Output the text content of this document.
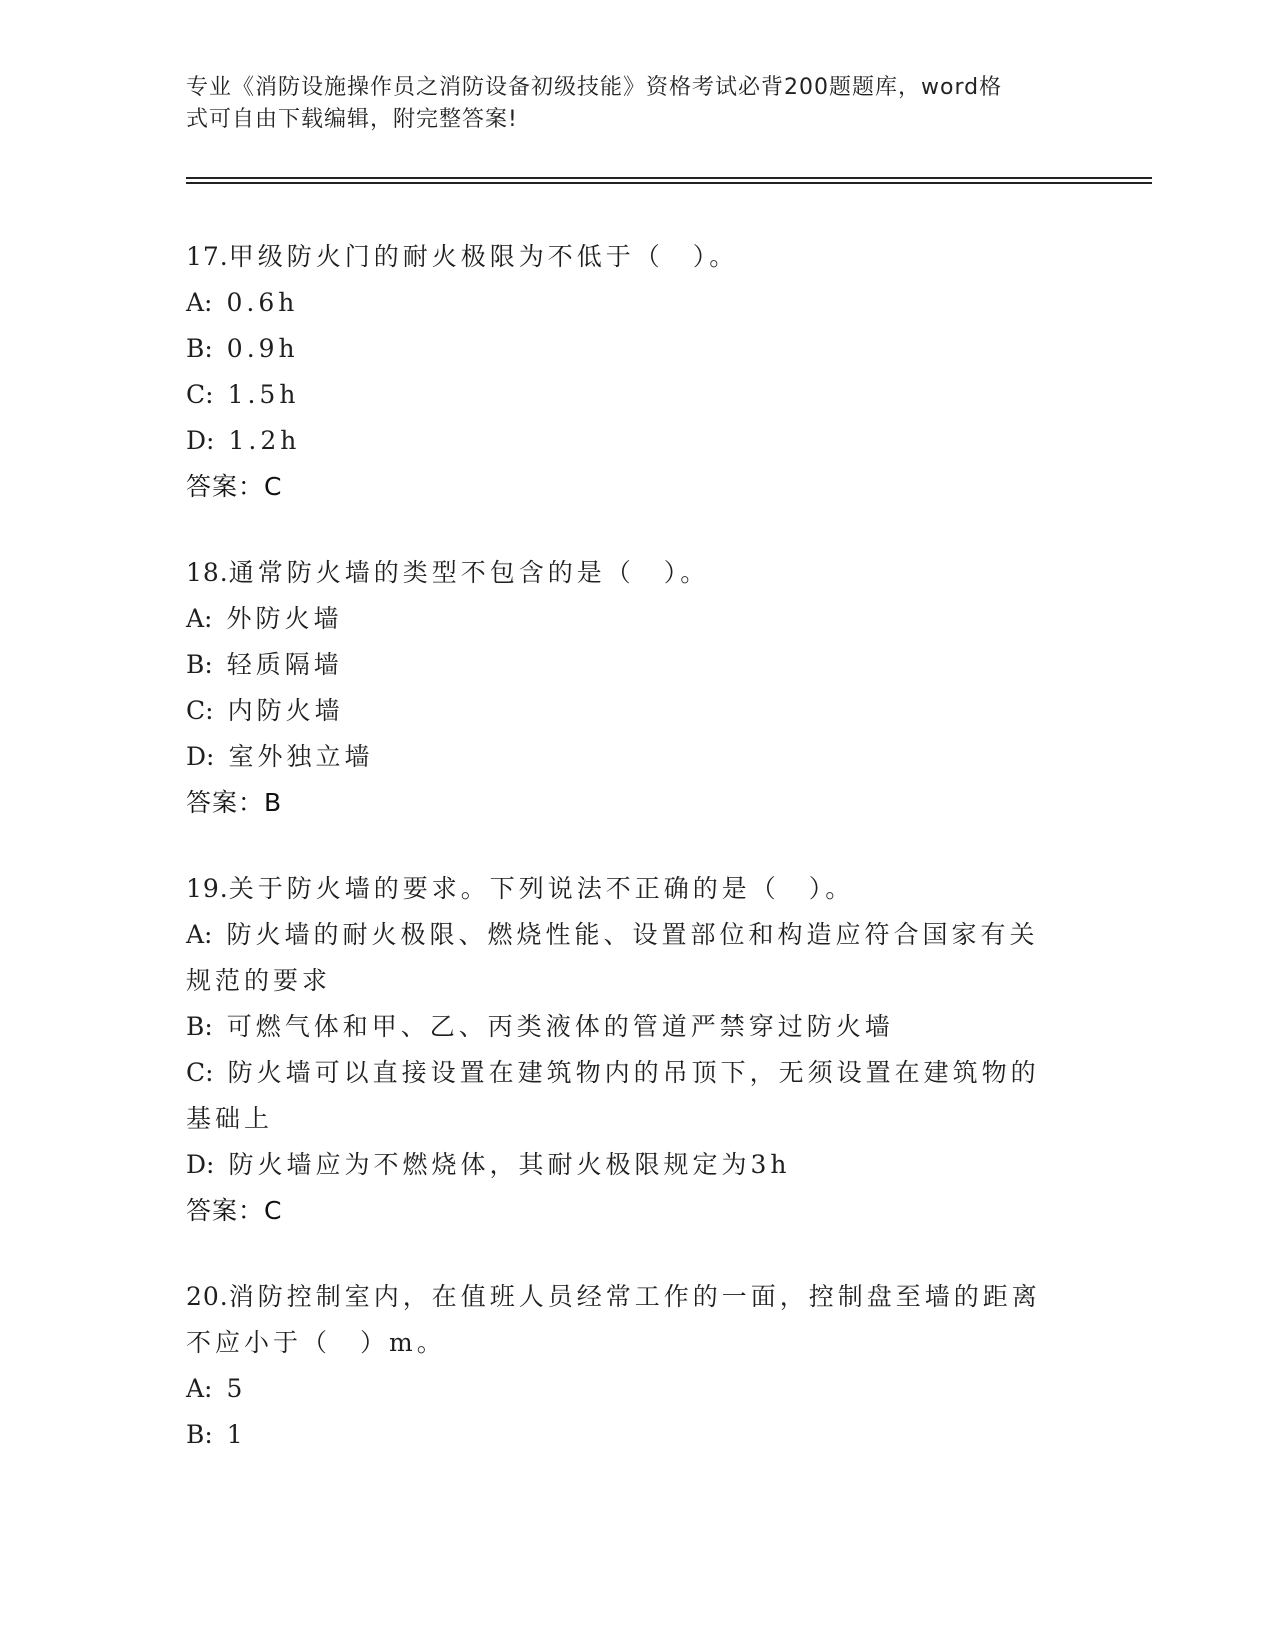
专业《消防设施操作员之消防设备初级技能》资格考试必背200题题库，word格
式可自由下载编辑，附完整答案!
17.甲级防火门的耐火极限为不低于（　）。
A: 0.6h
B: 0.9h
C: 1.5h
D: 1.2h
答案：C
18.通常防火墙的类型不包含的是（　）。
A: 外防火墙
B: 轻质隔墙
C: 内防火墙
D: 室外独立墙
答案：B
19.关于防火墙的要求。下列说法不正确的是（　）。
A: 防火墙的耐火极限、燃烧性能、设置部位和构造应符合国家有关规范的要求
B: 可燃气体和甲、乙、丙类液体的管道严禁穿过防火墙
C: 防火墙可以直接设置在建筑物内的吊顶下，无须设置在建筑物的基础上
D: 防火墙应为不燃烧体，其耐火极限规定为3h
答案：C
20.消防控制室内，在值班人员经常工作的一面，控制盘至墙的距离不应小于（　）m。
A: 5
B: 1
